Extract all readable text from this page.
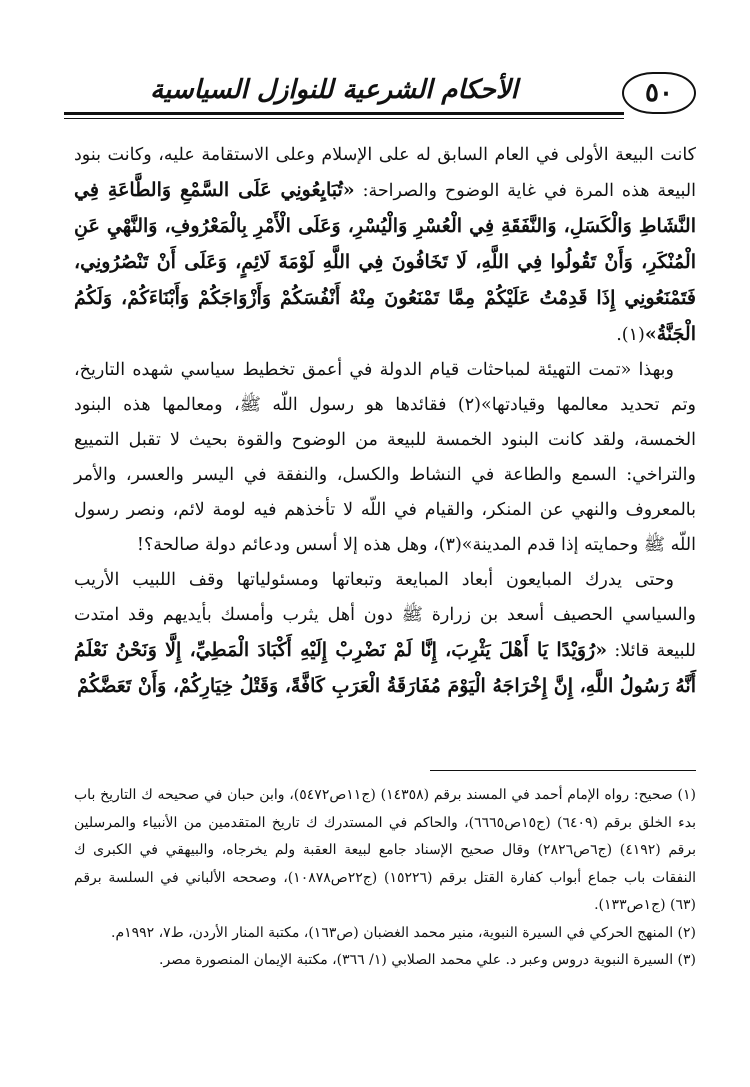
٥٠
الأحكام الشرعية للنوازل السياسية

كانت البيعة الأولى في العام السابق له على الإسلام وعلى الاستقامة عليه، وكانت بنود البيعة هذه المرة في غاية الوضوح والصراحة: «تُبَايِعُونِي عَلَى السَّمْعِ وَالطَّاعَةِ فِي النَّشَاطِ وَالْكَسَلِ، وَالنَّفَقَةِ فِي الْعُسْرِ وَالْيُسْرِ، وَعَلَى الْأَمْرِ بِالْمَعْرُوفِ، وَالنَّهْيِ عَنِ الْمُنْكَرِ، وَأَنْ تَقُولُوا فِي اللَّهِ، لَا تَخَافُونَ فِي اللَّهِ لَوْمَةَ لَائِمٍ، وَعَلَى أَنْ تَنْصُرُونِي، فَتَمْنَعُونِي إِذَا قَدِمْتُ عَلَيْكُمْ مِمَّا تَمْنَعُونَ مِنْهُ أَنْفُسَكُمْ وَأَزْوَاجَكُمْ وَأَبْنَاءَكُمْ، وَلَكُمُ الْجَنَّةُ»(١).

وبهذا «تمت التهيئة لمباحثات قيام الدولة في أعمق تخطيط سياسي شهده التاريخ، وتم تحديد معالمها وقيادتها»(٢) فقائدها هو رسول اللّه ﷺ، ومعالمها هذه البنود الخمسة، ولقد كانت البنود الخمسة للبيعة من الوضوح والقوة بحيث لا تقبل التمييع والتراخي: السمع والطاعة في النشاط والكسل، والنفقة في اليسر والعسر، والأمر بالمعروف والنهي عن المنكر، والقيام في اللّه لا تأخذهم فيه لومة لائم، ونصر رسول اللّه ﷺ وحمايته إذا قدم المدينة»(٣)، وهل هذه إلا أسس ودعائم دولة صالحة؟!

وحتى يدرك المبايعون أبعاد المبايعة وتبعاتها ومسئولياتها وقف اللبيب الأريب والسياسي الحصيف أسعد بن زرارة ﷺ دون أهل يثرب وأمسك بأيديهم وقد امتدت للبيعة قائلا: «رُوَيْدًا يَا أَهْلَ يَثْرِبَ، إِنَّا لَمْ نَضْرِبْ إِلَيْهِ أَكْبَادَ الْمَطِيِّ، إِلَّا وَنَحْنُ نَعْلَمُ أَنَّهُ رَسُولُ اللَّهِ، إِنَّ إِخْرَاجَهُ الْيَوْمَ مُفَارَقَةُ الْعَرَبِ كَافَّةً، وَقَتْلُ خِيَارِكُمْ، وَأَنْ تَعَضَّكُمْ

(١) صحيح: رواه الإمام أحمد في المسند برقم (١٤٣٥٨) (ج١١ص٥٤٧٢)، وابن حبان في صحيحه ك التاريخ باب بدء الخلق برقم (٦٤٠٩) (ج١٥ص٦٦٦٥)، والحاكم في المستدرك ك تاريخ المتقدمين من الأنبياء والمرسلين برقم (٤١٩٢) (ج٦ص٢٨٢٦) وقال صحيح الإسناد جامع لبيعة العقبة ولم يخرجاه، والبيهقي في الكبرى ك النفقات باب جماع أبواب كفارة القتل برقم (١٥٢٢٦) (ج٢٢ص١٠٨٧٨)، وصححه الألباني في السلسة برقم (٦٣) (ج١ص١٣٣).

(٢) المنهج الحركي في السيرة النبوية، منير محمد الغضبان (ص١٦٣)، مكتبة المنار الأردن، ط٧، ١٩٩٢م.

(٣) السيرة النبوية دروس وعبر د. علي محمد الصلابي (١/ ٣٦٦)، مكتبة الإيمان المنصورة مصر.
